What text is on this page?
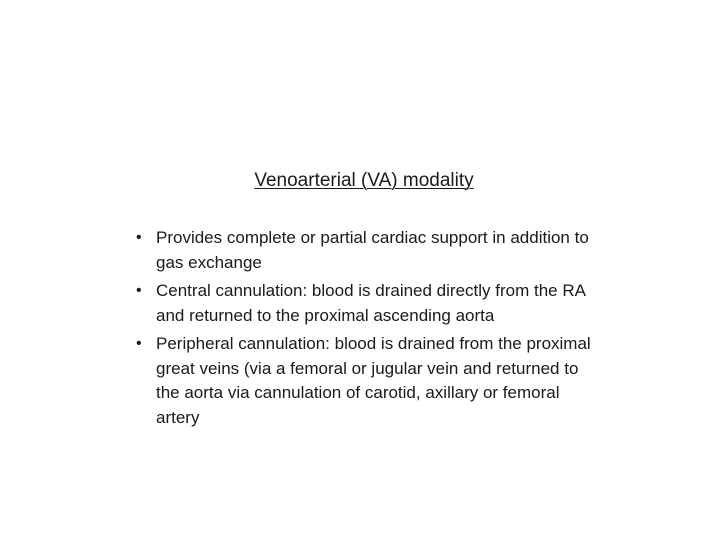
Venoarterial (VA) modality
• Provides complete or partial cardiac support in addition to gas exchange
• Central cannulation: blood is drained directly from the RA and returned to the proximal ascending aorta
• Peripheral cannulation: blood is drained from the proximal great veins (via a femoral or jugular vein and returned to the aorta via cannulation of carotid, axillary or femoral artery
